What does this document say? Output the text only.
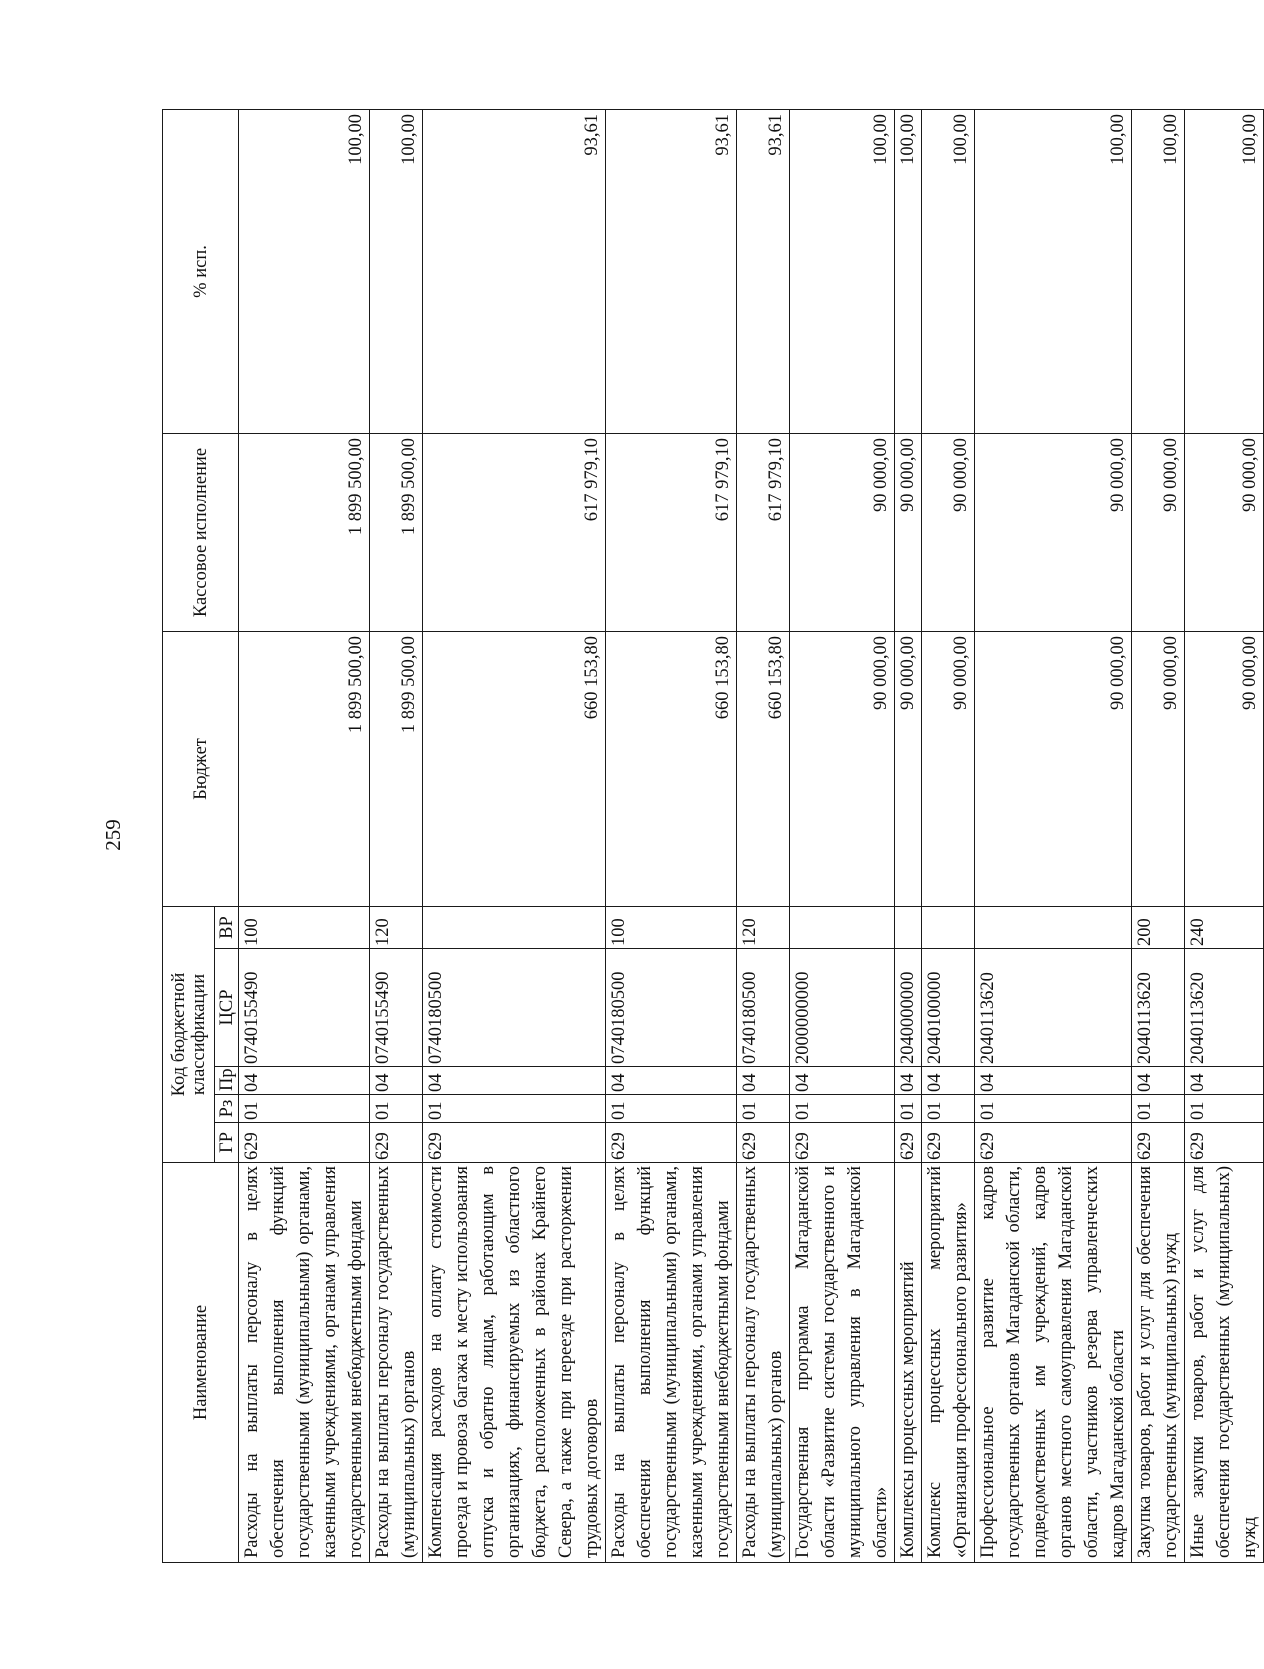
259
Наименование	Код бюджетной классификации					Бюджет	Кассовое исполнение	% исп.
	ГР	Рз	Пр	ЦСР	ВР			
Расходы на выплаты персоналу в целях обеспечения выполнения функций государственными (муниципальными) органами, казенными учреждениями, органами управления государственными внебюджетными фондами	629	01	04	0740155490	100	1 899 500,00	1 899 500,00	100,00
Расходы на выплаты персоналу государственных (муниципальных) органов	629	01	04	0740155490	120	1 899 500,00	1 899 500,00	100,00
Компенсация расходов на оплату стоимости проезда и провоза багажа к месту использования отпуска и обратно лицам, работающим в организациях, финансируемых из областного бюджета, расположенных в районах Крайнего Севера, а также при переезде при расторжении трудовых договоров	629	01	04	0740180500		660 153,80	617 979,10	93,61
Расходы на выплаты персоналу в целях обеспечения выполнения функций государственными (муниципальными) органами, казенными учреждениями, органами управления государственными внебюджетными фондами	629	01	04	0740180500	100	660 153,80	617 979,10	93,61
Расходы на выплаты персоналу государственных (муниципальных) органов	629	01	04	0740180500	120	660 153,80	617 979,10	93,61
Государственная программа Магаданской области «Развитие системы государственного и муниципального управления в Магаданской области»	629	01	04	2000000000		90 000,00	90 000,00	100,00
Комплексы процессных мероприятий	629	01	04	2040000000		90 000,00	90 000,00	100,00
Комплекс процессных мероприятий «Организация профессионального развития»	629	01	04	2040100000		90 000,00	90 000,00	100,00
Профессиональное развитие кадров государственных органов Магаданской области, подведомственных им учреждений, кадров органов местного самоуправления Магаданской области, участников резерва управленческих кадров Магаданской области	629	01	04	2040113620		90 000,00	90 000,00	100,00
Закупка товаров, работ и услуг для обеспечения государственных (муниципальных) нужд	629	01	04	2040113620	200	90 000,00	90 000,00	100,00
Иные закупки товаров, работ и услуг для обеспечения государственных (муниципальных) нужд	629	01	04	2040113620	240	90 000,00	90 000,00	100,00
